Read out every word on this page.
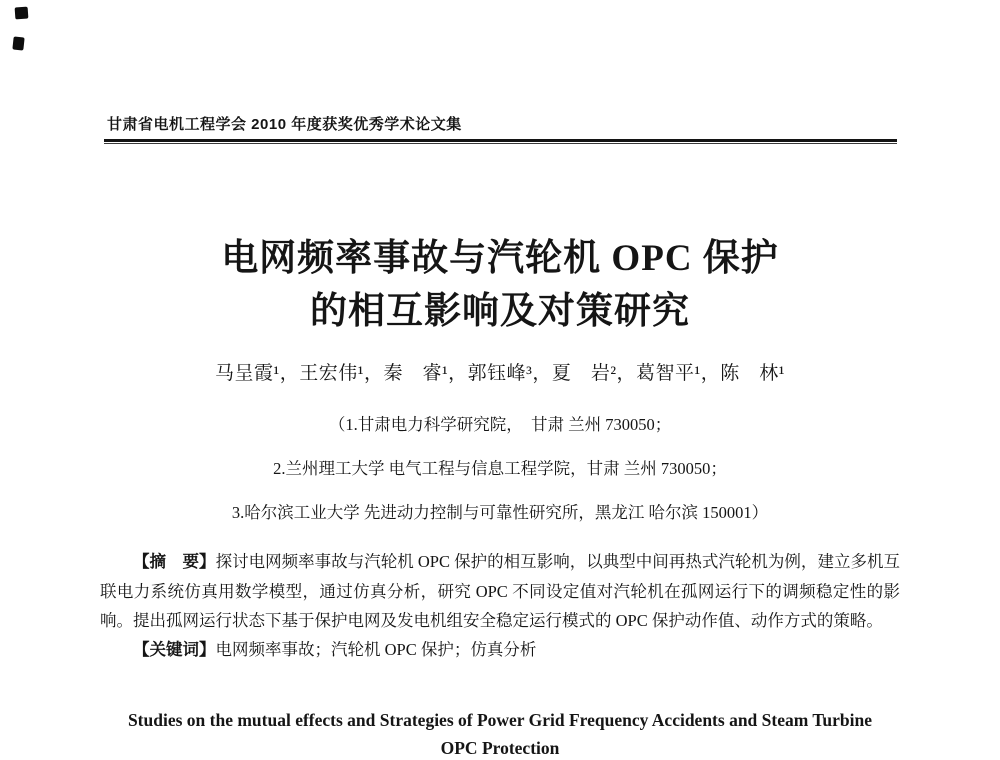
甘肃省电机工程学会 2010 年度获奖优秀学术论文集
电网频率事故与汽轮机 OPC 保护
的相互影响及对策研究
马呈霞¹，王宏伟¹，秦　睿¹，郭钰峰³，夏　岩²，葛智平¹，陈　林¹
（1.甘肃电力科学研究院，　甘肃 兰州 730050；
2.兰州理工大学 电气工程与信息工程学院，甘肃 兰州 730050；
3.哈尔滨工业大学 先进动力控制与可靠性研究所，黑龙江 哈尔滨 150001）

【摘　要】探讨电网频率事故与汽轮机 OPC 保护的相互影响，以典型中间再热式汽轮机为例，建立多机互联电力系统仿真用数学模型，通过仿真分析，研究 OPC 不同设定值对汽轮机在孤网运行下的调频稳定性的影响。提出孤网运行状态下基于保护电网及发电机组安全稳定运行模式的 OPC 保护动作值、动作方式的策略。

【关键词】电网频率事故；汽轮机 OPC 保护；仿真分析

Studies on the mutual effects and Strategies of Power Grid Frequency Accidents and Steam Turbine OPC Protection
